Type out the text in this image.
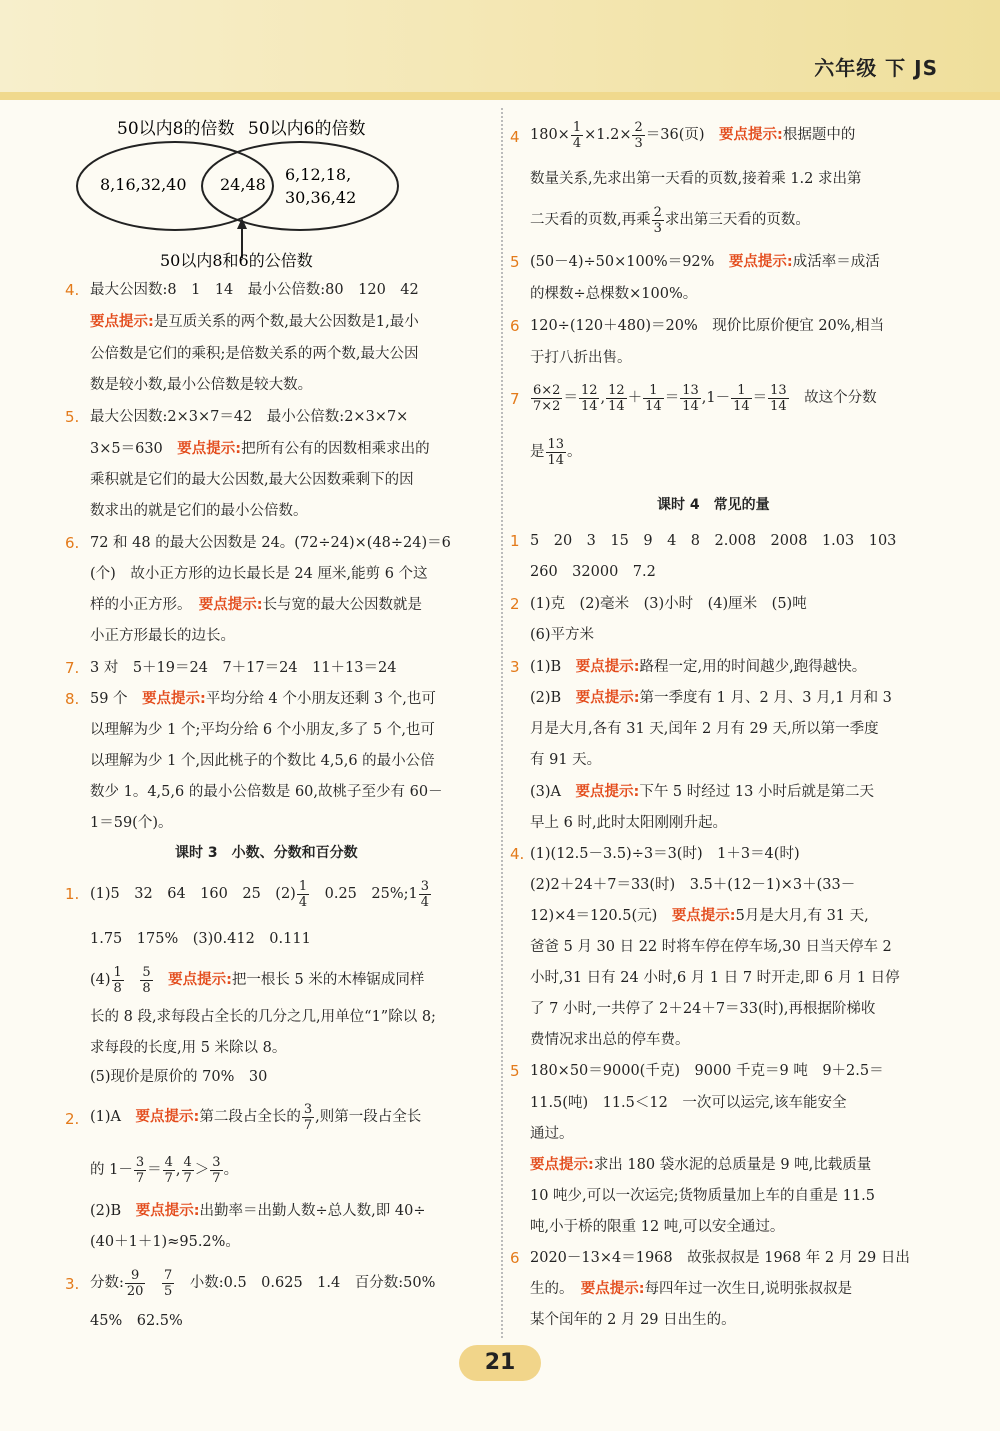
六年级 下 JS
50以内8的倍数 50以内6的倍数
8,16,32,40 24,48
6,12,18,
30,36,42
50以内8和6的公倍数
4. 最大公因数:8　1　14　最小公倍数:80　120　42
要点提示:是互质关系的两个数,最大公因数是1,最小
公倍数是它们的乘积;是倍数关系的两个数,最大公因
数是较小数,最小公倍数是较大数。
5. 最大公因数:2×3×7＝42　最小公倍数:2×3×7×
3×5＝630　 要点提示:把所有公有的因数相乘求出的
乘积就是它们的最大公因数,最大公因数乘剩下的因
数求出的就是它们的最小公倍数。
6. 72 和 48 的最大公因数是 24。(72÷24)×(48÷24)＝6
(个)　故小正方形的边长最长是 24 厘米,能剪 6 个这
样的小正方形。　 要点提示:长与宽的最大公因数就是
小正方形最长的边长。
7. 3 对　5＋19＝24　7＋17＝24　11＋13＝24
8. 59 个　 要点提示:平均分给 4 个小朋友还剩 3 个,也可
以理解为少 1 个;平均分给 6 个小朋友,多了 5 个,也可
以理解为少 1 个,因此桃子的个数比 4,5,6 的最小公倍
数少 1。4,5,6 的最小公倍数是 60,故桃子至少有 60－
1＝59(个)。
课时 3　小数、分数和百分数
1. (1)5　32　64　160　25　$(2) \frac{1}{4}$ 　0.25　25%;1 $\frac{3}{4}$
1.75　175%　(3)0.412　0.111
$(4) \frac{1}{8}$
　 $\frac{5}{8}$
　 要点提示:把一根长 5 米的木棒锯成同样
长的 8 段,求每段占全长的几分之几,用单位“1”除以 8;
求每段的长度,用 5 米除以 8。
(5)现价是原价的 70%　30
2. (1)A　 要点提示:第二段占全长的 $\frac{3}{7}$ ,则第一段占全长
的 $1- \frac{3}{7} = \frac{4}{7}$ , $\frac{4}{7} > \frac{3}{7}$ 。
(2)B　 要点提示:出勤率＝出勤人数÷总人数,即 40÷
(40＋1＋1)≈95.2%。
3. 分数: $\frac{9}{20}$
　 $\frac{7}{5}$ 　小数:0.5　0.625　1.4　百分数:50%
45%　62.5%
4 $180\times \frac{1}{4} \times 1.2\times \frac{2}{3} =36$(页)　 要点提示:根据题中的
数量关系,先求出第一天看的页数,接着乘 1.2 求出第
二天看的页数,再乘 $\frac{2}{3}$ 求出第三天看的页数。
5 (50－4)÷50×100%＝92%　 要点提示:成活率＝成活
的棵数÷总棵数×100%。
6 120÷(120＋480)＝20%　现价比原价便宜 20%,相当
于打八折出售。
$7 \frac{6\times 2}{7\times 2} = \frac{12}{14}$ , $\frac{12}{14} + \frac{1}{14} = \frac{13}{14} ,1- \frac{1}{14} = \frac{13}{14}$
　 故这个分数
是 $\frac{13}{14}$ 。
课时 4　常见的量
1 5　20　3　15　9　4　8　2.008　2008　1.03　103
260　32000　7.2
2 (1)克　(2)毫米　(3)小时　(4)厘米　(5)吨
(6)平方米
3 (1)B　 要点提示:路程一定,用的时间越少,跑得越快。
(2)B　 要点提示:第一季度有 1 月、2 月、3 月,1 月和 3
月是大月,各有 31 天,闰年 2 月有 29 天,所以第一季度
有 91 天。
(3)A　 要点提示:下午 5 时经过 13 小时后就是第二天
早上 6 时,此时太阳刚刚升起。
4. (1)(12.5－3.5)÷3＝3(时)　1＋3＝4(时)
(2)2＋24＋7＝33(时)　3.5＋(12－1)×3＋(33－
12)×4＝120.5(元)　 要点提示:5月是大月,有 31 天,
爸爸 5 月 30 日 22 时将车停在停车场,30 日当天停车 2
小时,31 日有 24 小时,6 月 1 日 7 时开走,即 6 月 1 日停
了 7 小时,一共停了 2＋24＋7＝33(时),再根据阶梯收
费情况求出总的停车费。
5 180×50＝9000(千克)　9000 千克＝9 吨　9＋2.5＝
11.5(吨)　11.5＜12　一次可以运完,该车能安全
通过。
要点提示:求出 180 袋水泥的总质量是 9 吨,比载质量
10 吨少,可以一次运完;货物质量加上车的自重是 11.5
吨,小于桥的限重 12 吨,可以安全通过。
6 2020－13×4＝1968　故张叔叔是 1968 年 2 月 29 日出
生的。　 要点提示:每四年过一次生日,说明张叔叔是
某个闰年的 2 月 29 日出生的。
21
